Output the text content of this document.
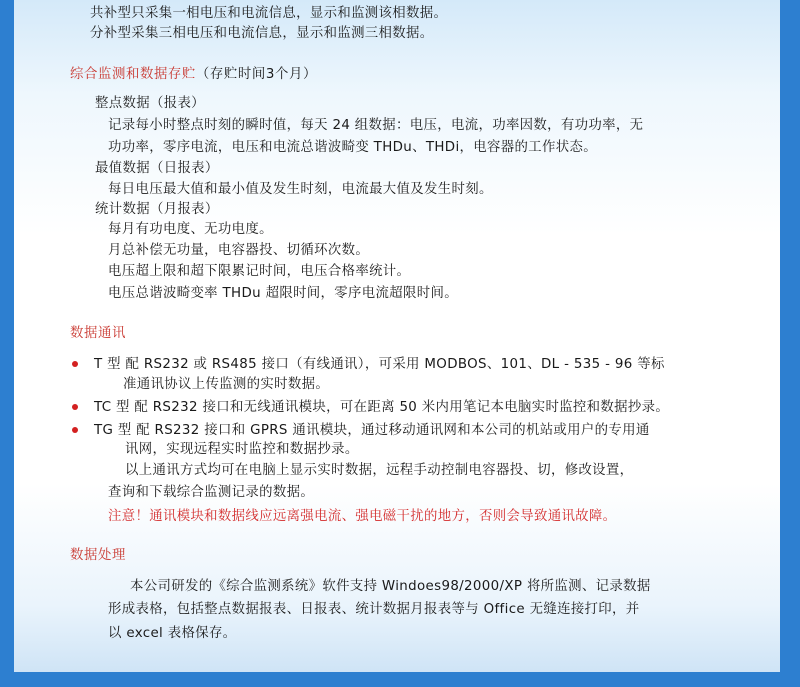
共补型只采集一相电压和电流信息，显示和监测该相数据。
分补型采集三相电压和电流信息，显示和监测三相数据。
综合监测和数据存贮（存贮时间3个月）
整点数据（报表）
记录每小时整点时刻的瞬时值，每天 24 组数据：电压，电流，功率因数，有功功率，无
功功率，零序电流，电压和电流总谐波畸变 THDu、THDi，电容器的工作状态。
最值数据（日报表）
每日电压最大值和最小值及发生时刻，电流最大值及发生时刻。
统计数据（月报表）
每月有功电度、无功电度。
月总补偿无功量，电容器投、切循环次数。
电压超上限和超下限累记时间，电压合格率统计。
电压总谐波畸变率 THDu 超限时间，零序电流超限时间。
数据通讯
T 型 配 RS232 或 RS485 接口（有线通讯），可采用 MODBOS、101、DL - 535 - 96 等标
准通讯协议上传监测的实时数据。
TC 型 配 RS232 接口和无线通讯模块，可在距离 50 米内用笔记本电脑实时监控和数据抄录。
TG 型 配 RS232 接口和 GPRS 通讯模块，通过移动通讯网和本公司的机站或用户的专用通
讯网，实现远程实时监控和数据抄录。
以上通讯方式均可在电脑上显示实时数据，远程手动控制电容器投、切，修改设置，
查询和下载综合监测记录的数据。
注意！通讯模块和数据线应远离强电流、强电磁干扰的地方，否则会导致通讯故障。
数据处理
本公司研发的《综合监测系统》软件支持 Windoes98/2000/XP 将所监测、记录数据
形成表格，包括整点数据报表、日报表、统计数据月报表等与 Office 无缝连接打印，并
以 excel 表格保存。
